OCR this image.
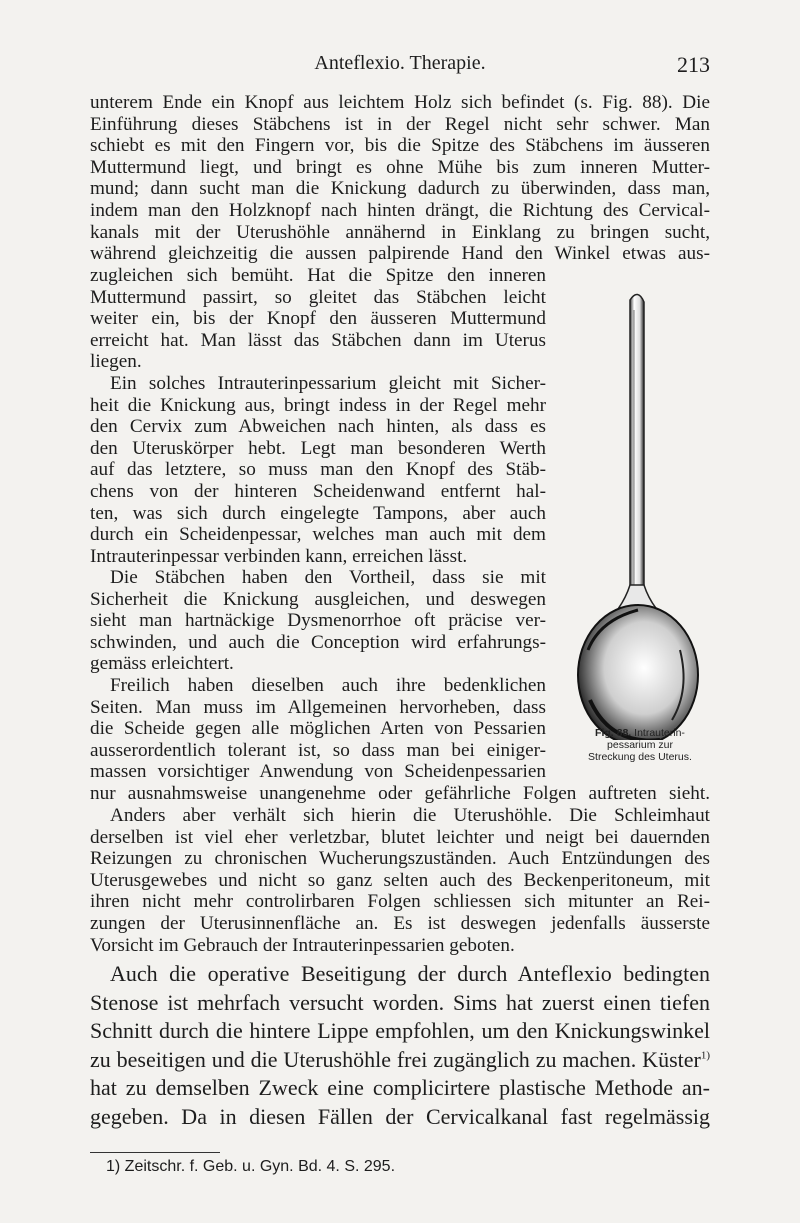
Anteflexio. Therapie.	213
unterem Ende ein Knopf aus leichtem Holz sich befindet (s. Fig. 88). Die
Einführung dieses Stäbchens ist in der Regel nicht sehr schwer. Man
schiebt es mit den Fingern vor, bis die Spitze des Stäbchens im äusseren
Muttermund liegt, und bringt es ohne Mühe bis zum inneren Mutter-
mund; dann sucht man die Knickung dadurch zu überwinden, dass man,
indem man den Holzknopf nach hinten drängt, die Richtung des Cervical-
kanals mit der Uterushöhle annähernd in Einklang zu bringen sucht,
während gleichzeitig die aussen palpirende Hand den Winkel etwas aus-
zugleichen sich bemüht. Hat die Spitze den inneren
Muttermund passirt, so gleitet das Stäbchen leicht
weiter ein, bis der Knopf den äusseren Muttermund
erreicht hat. Man lässt das Stäbchen dann im Uterus
liegen.
Ein solches Intrauterinpessarium gleicht mit Sicher-
heit die Knickung aus, bringt indess in der Regel mehr
den Cervix zum Abweichen nach hinten, als dass es
den Uteruskörper hebt. Legt man besonderen Werth
auf das letztere, so muss man den Knopf des Stäb-
chens von der hinteren Scheidenwand entfernt hal-
ten, was sich durch eingelegte Tampons, aber auch
durch ein Scheidenpessar, welches man auch mit dem
Intrauterinpessar verbinden kann, erreichen lässt.
Die Stäbchen haben den Vortheil, dass sie mit
Sicherheit die Knickung ausgleichen, und deswegen
sieht man hartnäckige Dysmenorrhoe oft präcise ver-
schwinden, und auch die Conception wird erfahrungs-
gemäss erleichtert.
Freilich haben dieselben auch ihre bedenklichen
Seiten. Man muss im Allgemeinen hervorheben, dass
die Scheide gegen alle möglichen Arten von Pessarien
ausserordentlich tolerant ist, so dass man bei einiger-
massen vorsichtiger Anwendung von Scheidenpessarien
nur ausnahmsweise unangenehme oder gefährliche Folgen auftreten sieht.
Anders aber verhält sich hierin die Uterushöhle. Die Schleimhaut
derselben ist viel eher verletzbar, blutet leichter und neigt bei dauernden
Reizungen zu chronischen Wucherungszuständen. Auch Entzündungen des
Uterusgewebes und nicht so ganz selten auch des Beckenperitoneum, mit
ihren nicht mehr controlirbaren Folgen schliessen sich mitunter an Rei-
zungen der Uterusinnenfläche an. Es ist deswegen jedenfalls äusserste
Vorsicht im Gebrauch der Intrauterinpessarien geboten.
Auch die operative Beseitigung der durch Anteflexio bedingten
Stenose ist mehrfach versucht worden. Sims hat zuerst einen tiefen
Schnitt durch die hintere Lippe empfohlen, um den Knickungswinkel
zu beseitigen und die Uterushöhle frei zugänglich zu machen. Küster$^{1)}$
hat zu demselben Zweck eine complicirtere plastische Methode an-
gegeben. Da in diesen Fällen der Cervicalkanal fast regelmässig
Fig. 88. Intrauterin-
pessarium zur
Streckung des Uterus.
1) Zeitschr. f. Geb. u. Gyn. Bd. 4. S. 295.
